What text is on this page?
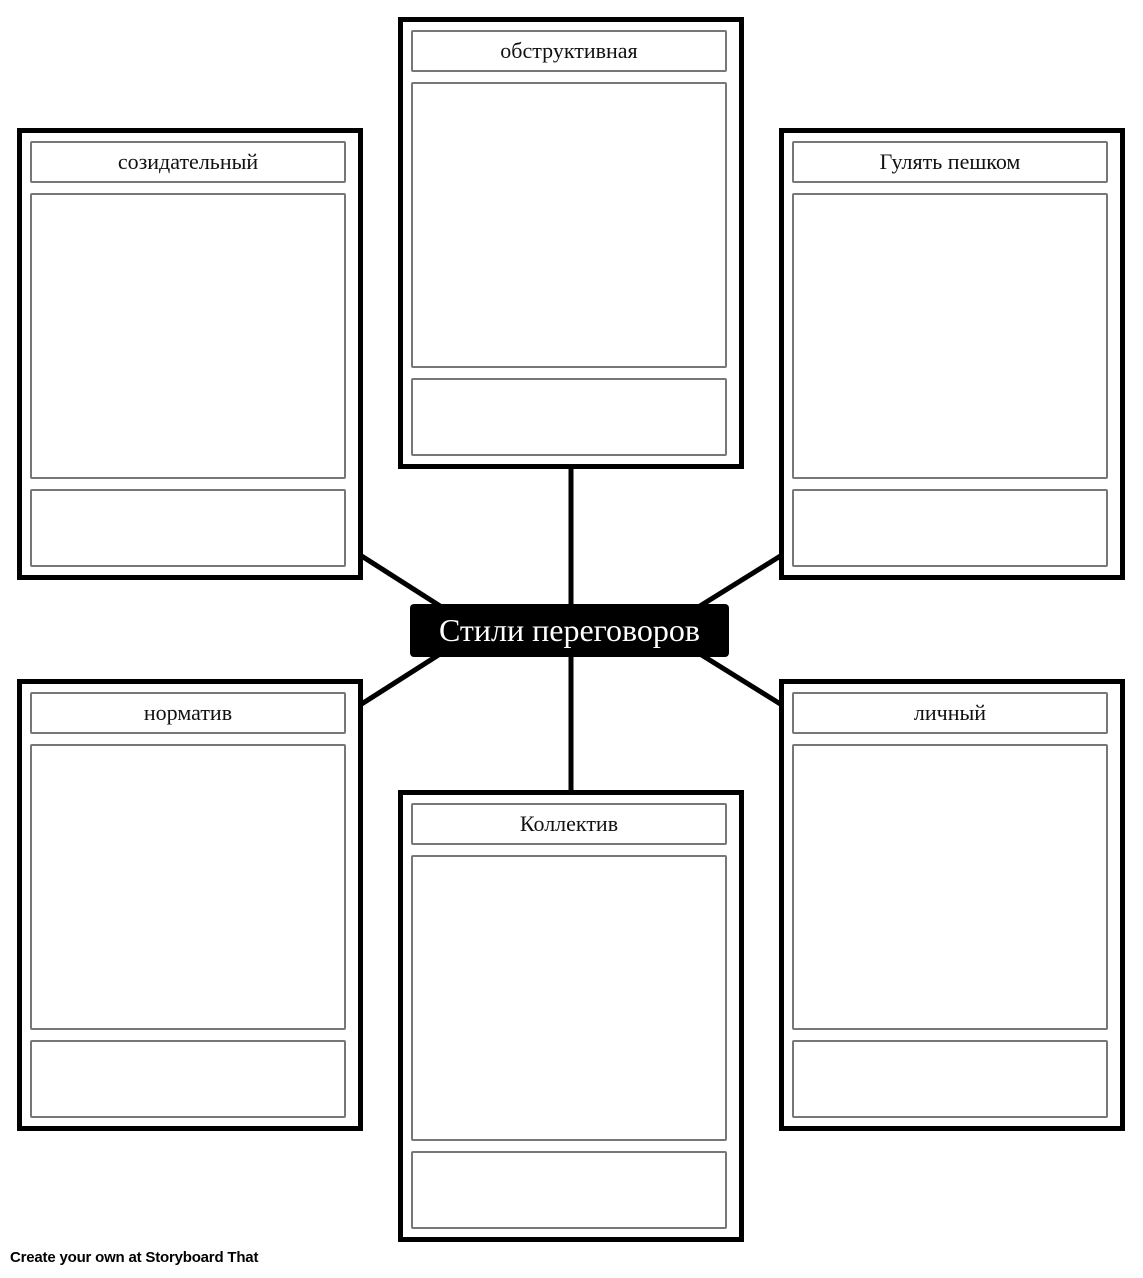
обструктивная
созидательный	Гулять пешком
норматив	личный
Коллектив
Стили переговоров
Create your own at Storyboard That
